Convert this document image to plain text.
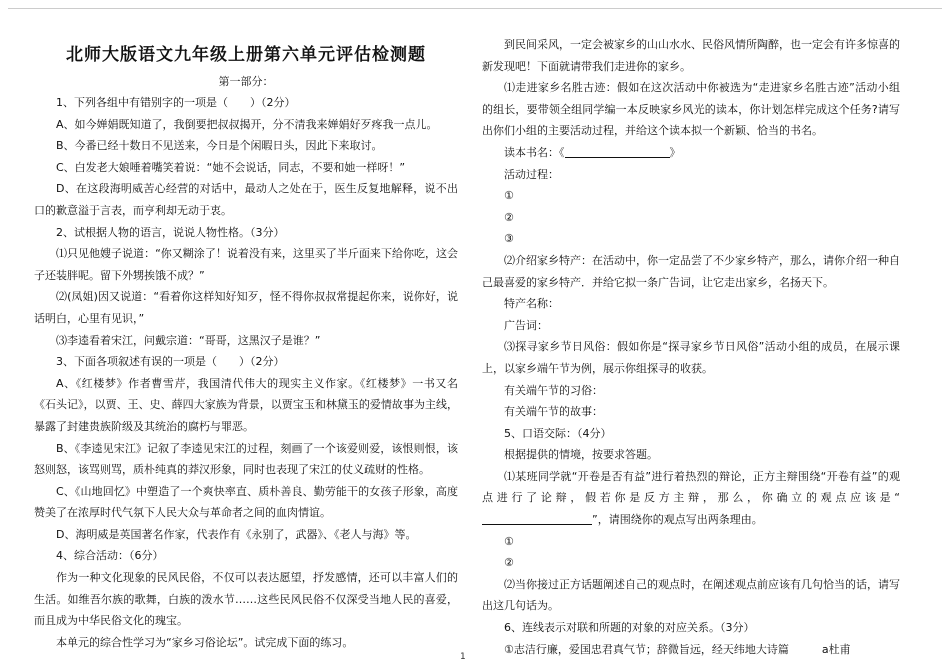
北师大版语文九年级上册第六单元评估检测题
第一部分：

1、下列各组中有错别字的一项是（　　）（2分）

A、如今婵娟既知道了，我倒要把叔叔揭开，分不清我来婵娟好歹疼我一点儿。

B、今番已经十数日不见送来，今日是个闲暇日头，因此下来取讨。

C、白发老大娘唾着嘴笑着说：“她不会说话，同志，不要和她一样呀！”

D、在这段海明威苦心经营的对话中，最动人之处在于，医生反复地解释，说不出口的歉意溢于言表，而亨利却无动于衷。

2、试根据人物的语言，说说人物性格。（3分）

⑴只见他嫂子说道：“你又糊涂了！说着没有来，这里买了半斤面来下给你吃，这会子还装胖呢。留下外甥挨饿不成？”

⑵(凤姐)因又说道：“看着你这样知好知歹，怪不得你叔叔常提起你来，说你好，说话明白，心里有见识，”

⑶李逵看着宋江，问戴宗道：“哥哥，这黑汉子是谁？”

3、下面各项叙述有误的一项是（　　）（2分）

A、《红楼梦》作者曹雪芹，我国清代伟大的现实主义作家。《红楼梦》一书又名《石头记》，以贾、王、史、薛四大家族为背景，以贾宝玉和林黛玉的爱情故事为主线，暴露了封建贵族阶级及其统治的腐朽与罪恶。

B、《李逵见宋江》记叙了李逵见宋江的过程，刻画了一个该爱则爱，该恨则恨，该怒则怒，该骂则骂，质朴纯真的莽汉形象，同时也表现了宋江的仗义疏财的性格。

C、《山地回忆》中塑造了一个爽快率直、质朴善良、勤劳能干的女孩子形象，高度赞美了在浓厚时代气氛下人民大众与革命者之间的血肉情谊。

D、海明威是英国著名作家，代表作有《永别了，武器》、《老人与海》等。

4、综合活动：（6分）

作为一种文化现象的民风民俗，不仅可以表达愿望，抒发感情，还可以丰富人们的生活。如维吾尔族的歌舞，白族的泼水节……这些民风民俗不仅深受当地人民的喜爱，而且成为中华民俗文化的瑰宝。

本单元的综合性学习为“家乡习俗论坛”。试完成下面的练习。

到民间采风，一定会被家乡的山山水水、民俗风情所陶醉，也一定会有许多惊喜的新发现吧！下面就请带我们走进你的家乡。

⑴走进家乡名胜古迹：假如在这次活动中你被选为“走进家乡名胜古迹”活动小组的组长，要带领全组同学编一本反映家乡风光的读本，你计划怎样完成这个任务?请写出你们小组的主要活动过程，并给这个读本拟一个新颖、恰当的书名。

读本书名：《	》

活动过程：

①

②

③

⑵介绍家乡特产：在活动中，你一定品尝了不少家乡特产，那么，请你介绍一种自己最喜爱的家乡特产．并给它拟一条广告词，让它走出家乡，名扬天下。

特产名称：

广告词：

⑶探寻家乡节日风俗：假如你是“探寻家乡节日风俗”活动小组的成员，在展示课上，以家乡端午节为例，展示你组探寻的收获。

有关端午节的习俗：

有关端午节的故事：

5、口语交际：（4分）

根据提供的情境，按要求答题。

⑴某班同学就“开卷是否有益”进行着热烈的辩论，正方主辩围绕“开卷有益”的观点进行了论辩，假若你是反方主辩，那么，你确立的观点应该是“”，请围绕你的观点写出两条理由。

①

②

⑵当你接过正方话题阐述自己的观点时，在阐述观点前应该有几句恰当的话，请写出这几句话为。

6、连线表示对联和所题的对象的对应关系。（3分）

①志洁行廉，爱国忠君真气节；辞微旨远，经天纬地大诗篇　　　a杜甫

1
